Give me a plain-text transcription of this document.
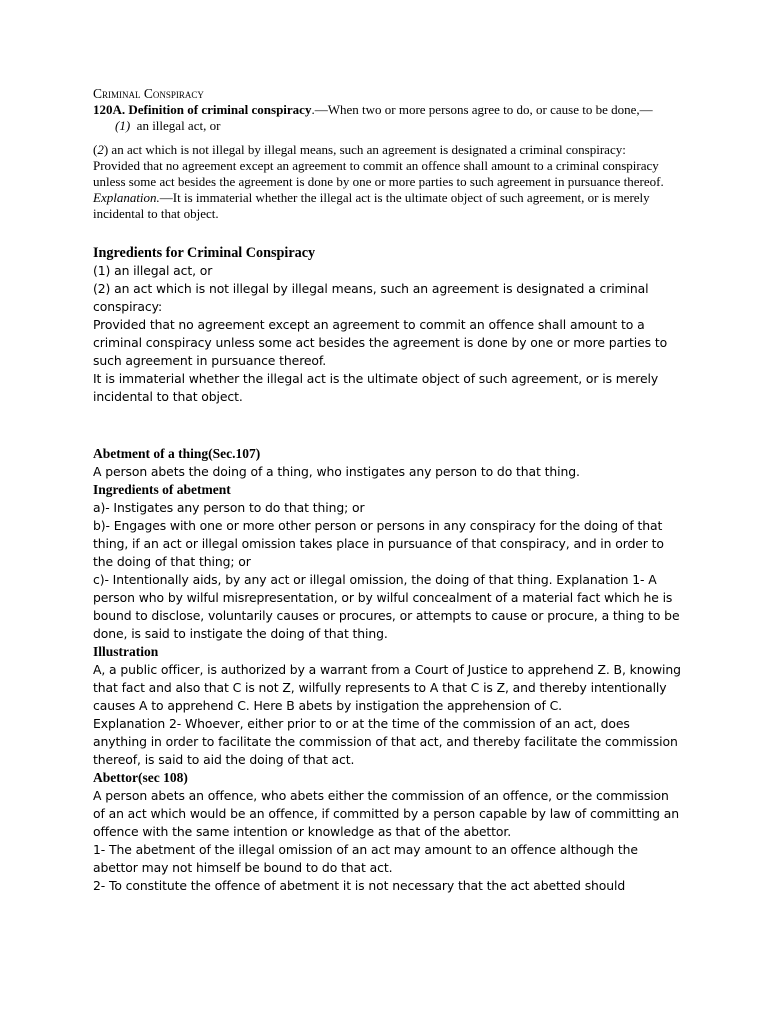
Criminal Conspiracy

120A. Definition of criminal conspiracy.—When two or more persons agree to do, or cause to be done,—

(1) an illegal act, or

(2) an act which is not illegal by illegal means, such an agreement is designated a criminal conspiracy:

Provided that no agreement except an agreement to commit an offence shall amount to a criminal conspiracy unless some act besides the agreement is done by one or more parties to such agreement in pursuance thereof.

Explanation.—It is immaterial whether the illegal act is the ultimate object of such agreement, or is merely incidental to that object.

Ingredients for Criminal Conspiracy

(1) an illegal act, or

(2) an act which is not illegal by illegal means, such an agreement is designated a criminal conspiracy:

Provided that no agreement except an agreement to commit an offence shall amount to a criminal conspiracy unless some act besides the agreement is done by one or more parties to such agreement in pursuance thereof.

It is immaterial whether the illegal act is the ultimate object of such agreement, or is merely incidental to that object.

Abetment of a thing(Sec.107)

A person abets the doing of a thing, who instigates any person to do that thing.

Ingredients of abetment

a)- Instigates any person to do that thing; or

b)- Engages with one or more other person or persons in any conspiracy for the doing of that thing, if an act or illegal omission takes place in pursuance of that conspiracy, and in order to the doing of that thing; or

c)- Intentionally aids, by any act or illegal omission, the doing of that thing. Explanation 1- A person who by wilful misrepresentation, or by wilful concealment of a material fact which he is bound to disclose, voluntarily causes or procures, or attempts to cause or procure, a thing to be done, is said to instigate the doing of that thing.

Illustration

A, a public officer, is authorized by a warrant from a Court of Justice to apprehend Z. B, knowing that fact and also that C is not Z, wilfully represents to A that C is Z, and thereby intentionally causes A to apprehend C. Here B abets by instigation the apprehension of C.

Explanation 2- Whoever, either prior to or at the time of the commission of an act, does anything in order to facilitate the commission of that act, and thereby facilitate the commission thereof, is said to aid the doing of that act.

Abettor(sec 108)

A person abets an offence, who abets either the commission of an offence, or the commission of an act which would be an offence, if committed by a person capable by law of committing an offence with the same intention or knowledge as that of the abettor.

1- The abetment of the illegal omission of an act may amount to an offence although the abettor may not himself be bound to do that act.

2- To constitute the offence of abetment it is not necessary that the act abetted should
